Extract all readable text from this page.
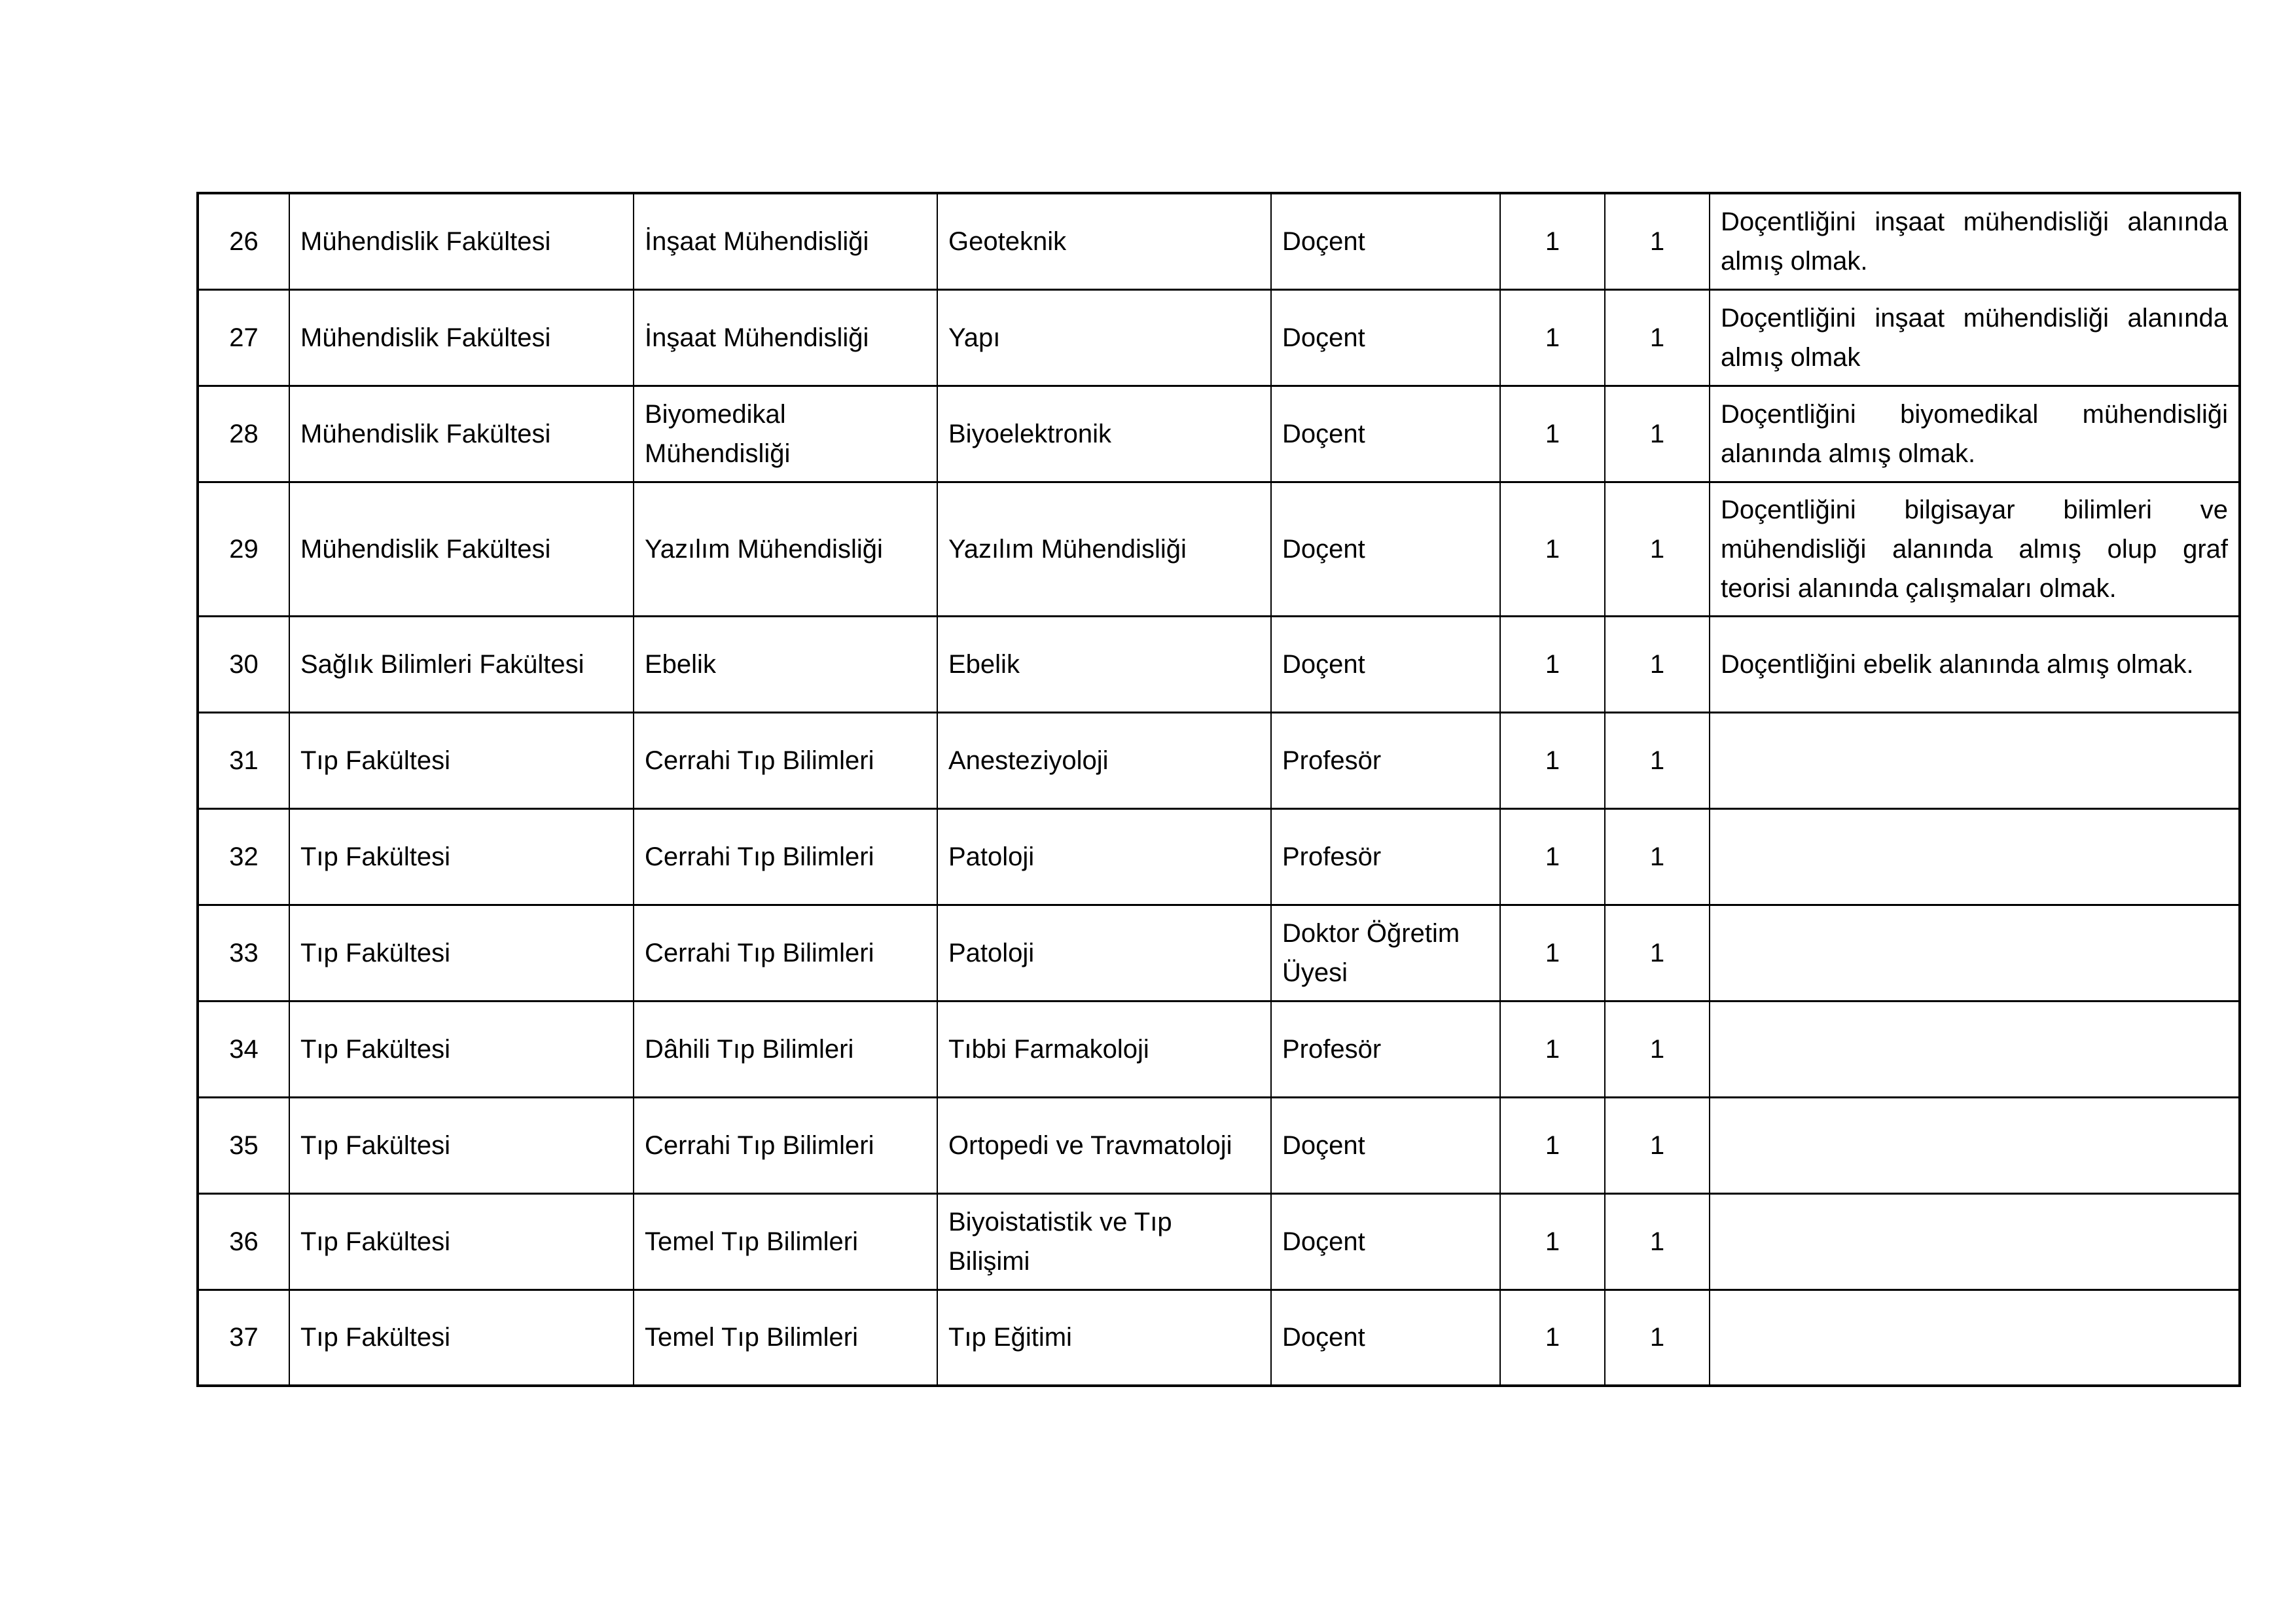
26	Mühendislik Fakültesi	İnşaat Mühendisliği	Geoteknik	Doçent	1	1	Doçentliğini inşaat mühendisliği alanında almış olmak.
27	Mühendislik Fakültesi	İnşaat Mühendisliği	Yapı	Doçent	1	1	Doçentliğini inşaat mühendisliği alanında almış olmak
28	Mühendislik Fakültesi	Biyomedikal Mühendisliği	Biyoelektronik	Doçent	1	1	Doçentliğini biyomedikal mühendisliği alanında almış olmak.
29	Mühendislik Fakültesi	Yazılım Mühendisliği	Yazılım Mühendisliği	Doçent	1	1	Doçentliğini bilgisayar bilimleri ve mühendisliği alanında almış olup graf teorisi alanında çalışmaları olmak.
30	Sağlık Bilimleri Fakültesi	Ebelik	Ebelik	Doçent	1	1	Doçentliğini ebelik alanında almış olmak.
31	Tıp Fakültesi	Cerrahi Tıp Bilimleri	Anesteziyoloji	Profesör	1	1	
32	Tıp Fakültesi	Cerrahi Tıp Bilimleri	Patoloji	Profesör	1	1	
33	Tıp Fakültesi	Cerrahi Tıp Bilimleri	Patoloji	Doktor Öğretim Üyesi	1	1	
34	Tıp Fakültesi	Dâhili Tıp Bilimleri	Tıbbi Farmakoloji	Profesör	1	1	
35	Tıp Fakültesi	Cerrahi Tıp Bilimleri	Ortopedi ve Travmatoloji	Doçent	1	1	
36	Tıp Fakültesi	Temel Tıp Bilimleri	Biyoistatistik ve Tıp Bilişimi	Doçent	1	1	
37	Tıp Fakültesi	Temel Tıp Bilimleri	Tıp Eğitimi	Doçent	1	1	
